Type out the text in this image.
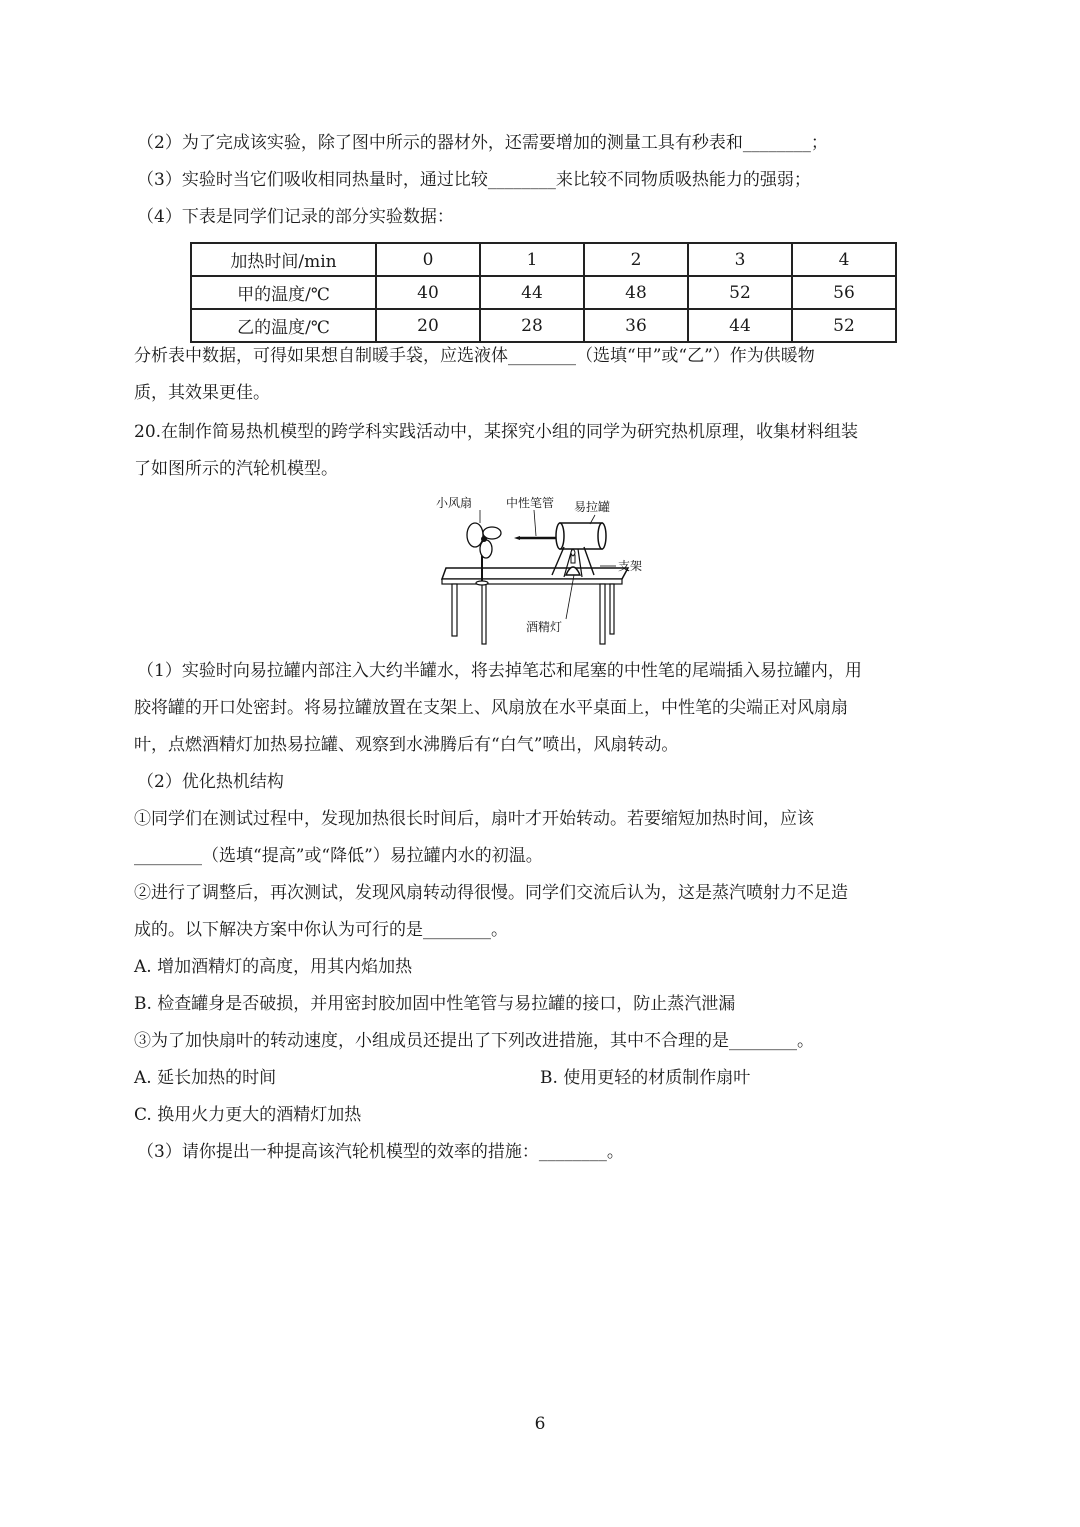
（2）为了完成该实验，除了图中所示的器材外，还需要增加的测量工具有秒表和________；
（3）实验时当它们吸收相同热量时，通过比较________来比较不同物质吸热能力的强弱；
（4）下表是同学们记录的部分实验数据：
加热时间/min	0	1	2	3	4
甲的温度/℃	40	44	48	52	56
乙的温度/℃	20	28	36	44	52
分析表中数据，可得如果想自制暖手袋，应选液体________（选填“甲”或“乙”）作为供暖物
质，其效果更佳。
20.在制作简易热机模型的跨学科实践活动中，某探究小组的同学为研究热机原理，收集材料组装
了如图所示的汽轮机模型。
小风扇	中性笔管 易拉罐
支架
酒精灯
（1）实验时向易拉罐内部注入大约半罐水，将去掉笔芯和尾塞的中性笔的尾端插入易拉罐内，用
胶将罐的开口处密封。将易拉罐放置在支架上、风扇放在水平桌面上，中性笔的尖端正对风扇扇
叶，点燃酒精灯加热易拉罐、观察到水沸腾后有“白气”喷出，风扇转动。
（2）优化热机结构
①同学们在测试过程中，发现加热很长时间后，扇叶才开始转动。若要缩短加热时间，应该
________（选填“提高”或“降低”）易拉罐内水的初温。
②进行了调整后，再次测试，发现风扇转动得很慢。同学们交流后认为，这是蒸汽喷射力不足造
成的。以下解决方案中你认为可行的是________。
A. 增加酒精灯的高度，用其内焰加热
B. 检查罐身是否破损，并用密封胶加固中性笔管与易拉罐的接口，防止蒸汽泄漏
③为了加快扇叶的转动速度，小组成员还提出了下列改进措施，其中不合理的是________。
A. 延长加热的时间	B. 使用更轻的材质制作扇叶
C. 换用火力更大的酒精灯加热
（3）请你提出一种提高该汽轮机模型的效率的措施：________。
6
